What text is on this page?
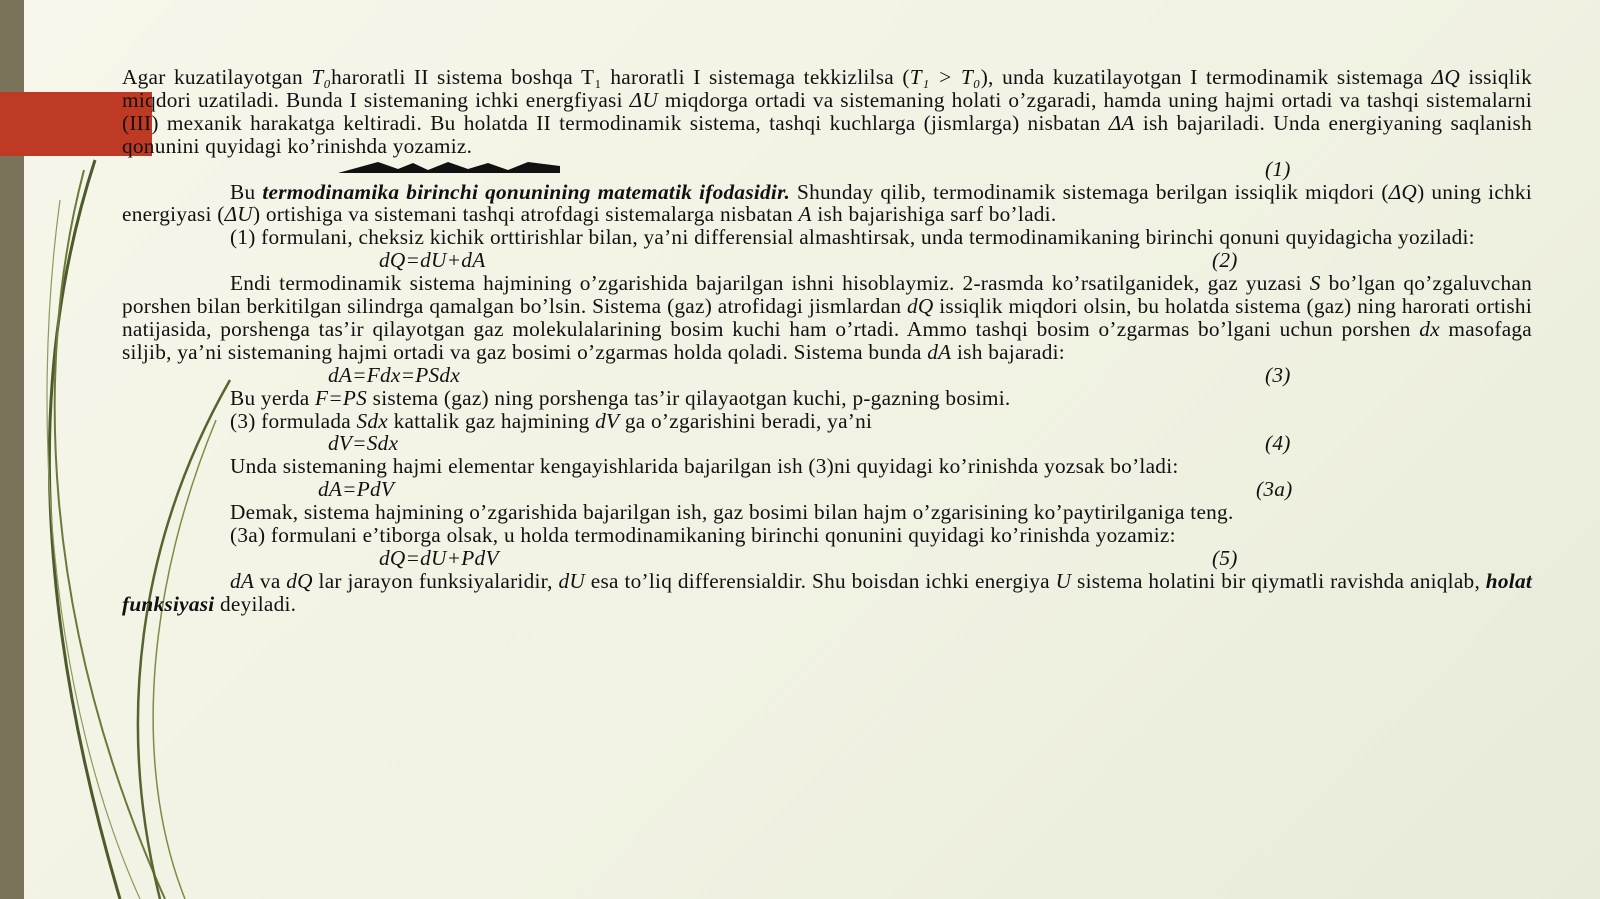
Agar kuzatilayotgan T₀haroratli II sistema boshqa T₁ haroratli I sistemaga tekkizlilsa (T₁ > T₀), unda kuzatilayotgan I termodinamik sistemaga ΔQ issiqlik miqdori uzatiladi. Bunda I sistemaning ichki energfiyasi ΔU miqdorga ortadi va sistemaning holati o’zgaradi, hamda uning hajmi ortadi va tashqi sistemalarni (III) mexanik harakatga keltiradi. Bu holatda II termodinamik sistema, tashqi kuchlarga (jismlarga) nisbatan ΔA ish bajariladi. Unda energiyaning saqlanish qonunini quyidagi ko’rinishda yozamiz.

(1)

Bu termodinamika birinchi qonunining matematik ifodasidir. Shunday qilib, termodinamik sistemaga berilgan issiqlik miqdori (ΔQ) uning ichki energiyasi (ΔU) ortishiga va sistemani tashqi atrofdagi sistemalarga nisbatan A ish bajarishiga sarf bo’ladi.

(1) formulani, cheksiz kichik orttirishlar bilan, ya’ni differensial almashtirsak, unda termodinamikaning birinchi qonuni quyidagicha yoziladi:

dQ=dU+dA	(2)

Endi termodinamik sistema hajmining o’zgarishida bajarilgan ishni hisoblaymiz. 2-rasmda ko’rsatilganidek, gaz yuzasi S bo’lgan qo’zgaluvchan porshen bilan berkitilgan silindrga qamalgan bo’lsin. Sistema (gaz) atrofidagi jismlardan dQ issiqlik miqdori olsin, bu holatda sistema (gaz) ning harorati ortishi natijasida, porshenga tas’ir qilayotgan gaz molekulalarining bosim kuchi ham o’rtadi. Ammo tashqi bosim o’zgarmas bo’lgani uchun porshen dx masofaga siljib, ya’ni sistemaning hajmi ortadi va gaz bosimi o’zgarmas holda qoladi. Sistema bunda dA ish bajaradi:

dA=Fdx=PSdx	(3)

Bu yerda F=PS sistema (gaz) ning porshenga tas’ir qilayaotgan kuchi, p-gazning bosimi.

(3) formulada Sdx kattalik gaz hajmining dV ga o’zgarishini beradi, ya’ni

dV=Sdx	(4)

Unda sistemaning hajmi elementar kengayishlarida bajarilgan ish (3)ni quyidagi ko’rinishda yozsak bo’ladi:

dA=PdV	(3a)

Demak, sistema hajmining o’zgarishida bajarilgan ish, gaz bosimi bilan hajm o’zgarisining ko’paytirilganiga teng.

(3a) formulani e’tiborga olsak, u holda termodinamikaning birinchi qonunini quyidagi ko’rinishda yozamiz:

dQ=dU+PdV	(5)

dA va dQ lar jarayon funksiyalaridir, dU esa to’liq differensialdir. Shu boisdan ichki energiya U sistema holatini bir qiymatli ravishda aniqlab, holat funksiyasi deyiladi.
